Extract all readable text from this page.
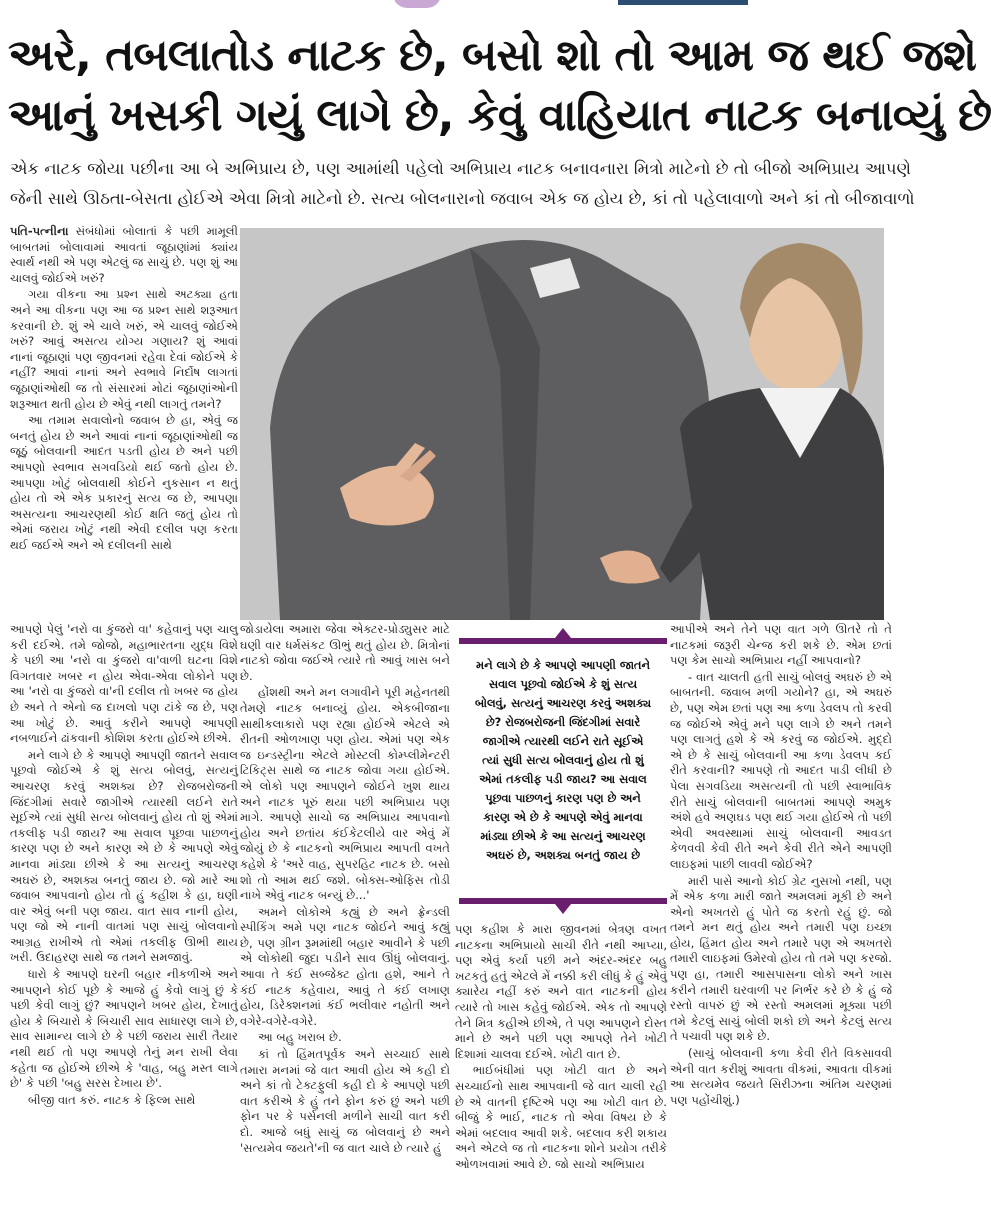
અરે, તબલાતોડ નાટક છે, બસો શો તો આમ જ થઈ જશે
આનું ખસકી ગયું લાગે છે, કેવું વાહિયાત નાટક બનાવ્યું છે
એક નાટક જોયા પછીના આ બે અભિપ્રાય છે, પણ આમાંથી પહેલો અભિપ્રાય નાટક બનાવનારા મિત્રો માટેનો છે તો બીજો અભિપ્રાય આપણે
જેની સાથે ઊઠતા-બેસતા હોઈએ એવા મિત્રો માટેનો છે. સત્ય બોલનારાનો જવાબ એક જ હોય છે, કાં તો પહેલાવાળો અને કાં તો બીજાવાળો

પતિ-પત્નીના સંબંધોમાં બોલાતાં કે પછી મામૂલી બાબતમાં બોલાવામાં આવતાં જૂઠાણાંમાં ક્યાંય સ્વાર્થ નથી એ પણ એટલું જ સાચું છે. પણ શું આ ચાલવું જોઈએ ખરું?

ગયા વીકના આ પ્રશ્ન સાથે અટક્યા હતા અને આ વીકના પણ આ જ પ્રશ્ન સાથે શરૂઆત કરવાની છે. શું એ ચાલે ખરું, એ ચાલવું જોઈએ ખરું? આવું અસત્ય યોગ્ય ગણાય? શું આવાં નાનાં જૂઠાણાં પણ જીવનમાં રહેવા દેવાં જોઈએ કે નહીં? આવાં નાનાં અને સ્વભાવે નિર્દોષ લાગતાં જૂઠાણાંઓથી જ તો સંસારમાં મોટાં જૂઠાણાંઓની શરૂઆત થતી હોય છે એવું નથી લાગતું તમને?

આ તમામ સવાલોનો જવાબ છે હા, એવું જ બનતું હોય છે અને આવાં નાનાં જૂઠાણાંઓથી જ જૂઠું બોલવાની આદત પડતી હોય છે અને પછી આપણો સ્વભાવ સગવડિયો થઈ જતો હોય છે. આપણા ખોટું બોલવાથી કોઈને નુકસાન ન થતું હોય તો એ એક પ્રકારનું સત્ય જ છે, આપણા અસત્યના આચરણથી કોઈ ક્ષતિ જતું હોય તો એમાં જરાય ખોટું નથી એવી દલીલ પણ કરતા થઈ જઈએ અને એ દલીલની સાથે

આપણે પેલું 'નરો વા કુંજરો વા' કહેવાનું પણ ચાલુ કરી દઈએ. તમે જોજો, મહાભારતના યુદ્ધ વિશે કે પછી આ 'નરો વા કુંજરો વા'વાળી ઘટના વિશે વિગતવાર ખબર ન હોય એવા-એવા લોકોને પણ આ 'નરો વા કુંજરો વા'ની દલીલ તો ખબર જ હોય છે અને તે એનો જ દાખલો પણ ટાંકે જ છે, પણ આ ખોટું છે. આવું કરીને આપણે આપણી નબળાઈને ઢાંકવાની કોશિશ કરતા હોઈએ છીએ.

મને લાગે છે કે આપણે આપણી જાતને સવાલ પૂછવો જોઈએ કે શું સત્ય બોલવું, સત્યનું આચરણ કરવું અશક્ય છે? રોજબરોજની જિંદગીમાં સવારે જાગીએ ત્યારથી લઈને રાતે સૂઈએ ત્યાં સુધી સત્ય બોલવાનું હોય તો શું એમાં તકલીફ પડી જાય? આ સવાલ પૂછવા પાછળનું કારણ પણ છે અને કારણ એ છે કે આપણે એવું માનવા માંડ્યા છીએ કે આ સત્યનું આચરણ અઘરું છે, અશક્ય બનતું જાય છે. જો મારે આ જવાબ આપવાનો હોય તો હું કહીશ કે હા, ઘણી વાર એવું બની પણ જાય. વાત સાવ નાની હોય, પણ જો એ નાની વાતમાં પણ સાચું બોલવાનો આગ્રહ રાખીએ તો એમાં તકલીફ ઊભી થાય ખરી. ઉદાહરણ સાથે જ તમને સમજાવું.

ધારો કે આપણે ઘરની બહાર નીકળીએ અને આપણને કોઈ પૂછે કે આજે હું કેવો લાગું છું કે પછી કેવી લાગું છું? આપણને ખબર હોય, દેખાતું હોય કે બિચારો કે બિચારી સાવ સાધારણ લાગે છે, સાવ સામાન્ય લાગે છે કે પછી જરાય સારી તૈયાર નથી થઈ તો પણ આપણે તેનું મન રાખી લેવા કહેતા જ હોઈએ છીએ કે 'વાહ, બહુ મસ્ત લાગે છે' કે પછી 'બહુ સરસ દેખાય છે'.

બીજી વાત કરું. નાટક કે ફિલ્મ સાથે

જોડાયેલા અમારા જેવા એક્ટર-પ્રોડ્યુસર માટે ઘણી વાર ધર્મસંકટ ઊભું થતું હોય છે. મિત્રોનાં નાટકો જોવા જઈએ ત્યારે તો આવું ખાસ બને છે.

હોંશથી અને મન લગાવીને પૂરી મહેનતથી તેમણે નાટક બનાવ્યું હોય. એકબીજાના સાથીકલાકારો પણ રહ્યા હોઈએ એટલે એ રીતની ઓળખાણ પણ હોય. એમાં પણ એક જ ઇન્ડસ્ટ્રીના એટલે મોસ્ટલી કોમ્પ્લીમેન્ટરી ટિકિટ્સ સાથે જ નાટક જોવા ગયા હોઈએ. એ લોકો પણ આપણને જોઈને ખુશ થાય અને નાટક પૂરું થયા પછી અભિપ્રાય પણ માગે. આપણે સાચો જ અભિપ્રાય આપવાનો હોય અને છતાંય કંઈકેટલીયે વાર એવું મેં જોયું છે કે નાટકનો અભિપ્રાય આપતી વખતે કહેશે કે 'અરે વાહ, સુપરહિટ નાટક છે. બસો શો તો આમ થઈ જશે. બોક્સ-ઓફિસ તોડી નાખે એવું નાટક બન્યું છે...'

અમને લોકોએ કહ્યું છે અને ફ્રેન્ડલી સ્પીકિંગ અમે પણ નાટક જોઈને આવું કહ્યું છે, પણ ગ્રીન રૂમમાંથી બહાર આવીને કે પછી એ લોકોથી જુદા પડીને સાવ ઊંધું બોલવાનું. આવા તે કંઈ સબ્જેક્ટ હોતા હશે, આને તે કંઈ નાટક કહેવાય, આવું તે કંઈ લખાણ હોય, ડિરેક્શનમાં કંઈ ભલીવાર નહોતી અને વગેરે-વગેરે-વગેરે.

આ બહુ ખરાબ છે.

કાં તો હિંમતપૂર્વક અને સચ્ચાઈ સાથે તમારા મનમાં જે વાત આવી હોય એ કહી દો અને કાં તો ટેક્ટફુલી કહી દો કે આપણે પછી વાત કરીએ કે હું તને ફોન કરું છું અને પછી ફોન પર કે પર્સનલી મળીને સાચી વાત કરી દો. આજે બધું સાચું જ બોલવાનું છે અને 'સત્યમેવ જયતે'ની જ વાત ચાલે છે ત્યારે હું

મને લાગે છે કે આપણે આપણી જાતને સવાલ પૂછવો જોઈએ કે શું સત્ય બોલવું, સત્યનું આચરણ કરવું અશક્ય છે? રોજબરોજની જિંદગીમાં સવારે જાગીએ ત્યારથી લઈને રાતે સૂઈએ ત્યાં સુધી સત્ય બોલવાનું હોય તો શું એમાં તકલીફ પડી જાય? આ સવાલ પૂછવા પાછળનું કારણ પણ છે અને કારણ એ છે કે આપણે એવું માનવા માંડ્યા છીએ કે આ સત્યનું આચરણ અઘરું છે, અશક્ય બનતું જાય છે

પણ કહીશ કે મારા જીવનમાં બેત્રણ વખત નાટકના અભિપ્રાયો સાચી રીતે નથી આપ્યા, પણ એવું કર્યા પછી મને અંદર-અંદર બહુ ખટકતું હતું એટલે મેં નક્કી કરી લીધું કે હું એવું ક્યારેય નહીં કરું અને વાત નાટકની હોય ત્યારે તો ખાસ કહેવું જોઈએ. એક તો આપણે તેને મિત્ર કહીએ છીએ, તે પણ આપણને દોસ્ત માને છે અને પછી પણ આપણે તેને ખોટી દિશામાં ચાલવા દઈએ. ખોટી વાત છે.

ભાઈબંધીમાં પણ ખોટી વાત છે અને સચ્ચાઈનો સાથ આપવાની જે વાત ચાલી રહી છે એ વાતની દૃષ્ટિએ પણ આ ખોટી વાત છે. બીજું કે ભાઈ, નાટક તો એવા વિષય છે કે એમાં બદલાવ આવી શકે. બદલાવ કરી શકાય અને એટલે જ તો નાટકના શોને પ્રયોગ તરીકે ઓળખવામાં આવે છે. જો સાચો અભિપ્રાય

આપીએ અને તેને પણ વાત ગળે ઊતરે તો તે નાટકમાં જરૂરી ચેન્જ કરી શકે છે. એમ છતાં પણ કેમ સાચો અભિપ્રાય નહીં આપવાનો?

- વાત ચાલતી હતી સાચું બોલવું અઘરું છે એ બાબતની. જવાબ મળી ગયોને? હા, એ અઘરું છે, પણ એમ છતાં પણ આ કળા ડેવલપ તો કરવી જ જોઈએ એવું મને પણ લાગે છે અને તમને પણ લાગતું હશે કે એ કરવું જ જોઈએ. મુદ્દો એ છે કે સાચું બોલવાની આ કળા ડેવલપ કઈ રીતે કરવાની? આપણે તો આદત પાડી લીધી છે પેલા સગવડિયા અસત્યની તો પછી સ્વાભાવિક રીતે સાચું બોલવાની બાબતમાં આપણે અમુક અંશે હવે અણઘડ પણ થઈ ગયા હોઈએ તો પછી એવી અવસ્થામાં સાચું બોલવાની આવડત કેળવવી કેવી રીતે અને કેવી રીતે એને આપણી લાઇફમાં પાછી લાવવી જોઈએ?

મારી પાસે આનો કોઈ ગ્રેટ નુસખો નથી, પણ મેં એક કળા મારી જાતે અમલમાં મૂકી છે અને એનો અખતરો હું પોતે જ કરતો રહું છું. જો તમને મન થતું હોય અને તમારી પણ ઇચ્છા હોય, હિંમત હોય અને તમારે પણ એ અખતરો તમારી લાઇફમાં ઉમેરવો હોય તો તમે પણ કરજો. પણ હા, તમારી આસપાસના લોકો અને ખાસ કરીને તમારી ઘરવાળી પર નિર્ભર કરે છે કે હું જે રસ્તો વાપરું છું એ રસ્તો અમલમાં મૂક્યા પછી તમે કેટલું સાચું બોલી શકો છો અને કેટલું સત્ય તે પચાવી પણ શકે છે.

(સાચું બોલવાની કળા કેવી રીતે વિકસાવવી એની વાત કરીશું આવતા વીકમાં, આવતા વીકમાં આ સત્યમેવ જયતે સિરીઝના અંતિમ ચરણમાં પણ પહોંચીશું.)
